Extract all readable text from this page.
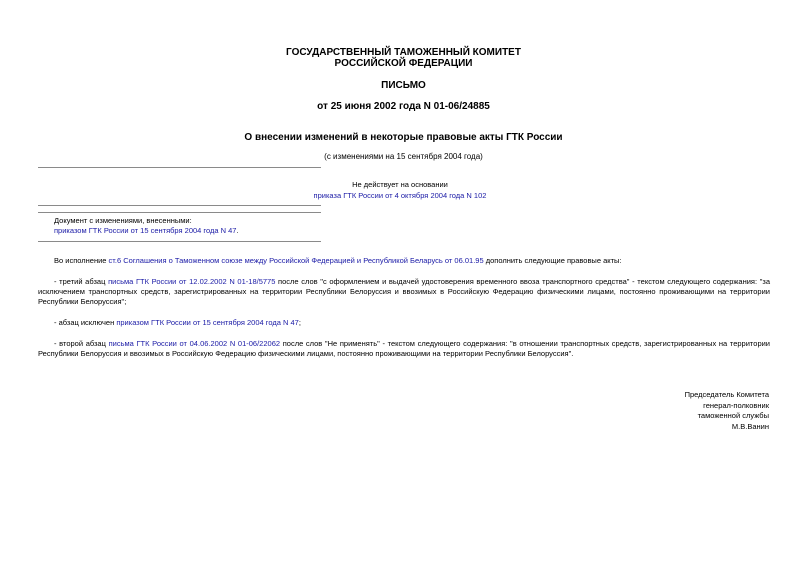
ГОСУДАРСТВЕННЫЙ ТАМОЖЕННЫЙ КОМИТЕТ
РОССИЙСКОЙ ФЕДЕРАЦИИ
ПИСЬМО
от 25 июня 2002 года N 01-06/24885
О внесении изменений в некоторые правовые акты ГТК России
(с изменениями на 15 сентября 2004 года)
Не действует на основании
приказа ГТК России от 4 октября 2004 года N 102
Документ с изменениями, внесенными:
приказом ГТК России от 15 сентября 2004 года N 47.
Во исполнение ст.6 Соглашения о Таможенном союзе между Российской Федерацией и Республикой Беларусь от 06.01.95 дополнить следующие правовые акты:
- третий абзац письма ГТК России от 12.02.2002 N 01-18/5775 после слов "с оформлением и выдачей удостоверения временного ввоза транспортного средства" - текстом следующего содержания: "за исключением транспортных средств, зарегистрированных на территории Республики Белоруссия и ввозимых в Российскую Федерацию физическими лицами, постоянно проживающими на территории Республики Белоруссия";
- абзац исключен приказом ГТК России от 15 сентября 2004 года N 47;
- второй абзац письма ГТК России от 04.06.2002 N 01-06/22062 после слов "Не применять" - текстом следующего содержания: "в отношении транспортных средств, зарегистрированных на территории Республики Белоруссия и ввозимых в Российскую Федерацию физическими лицами, постоянно проживающими на территории Республики Белоруссия".
Председатель Комитета
генерал-полковник
таможенной службы
М.В.Ванин
